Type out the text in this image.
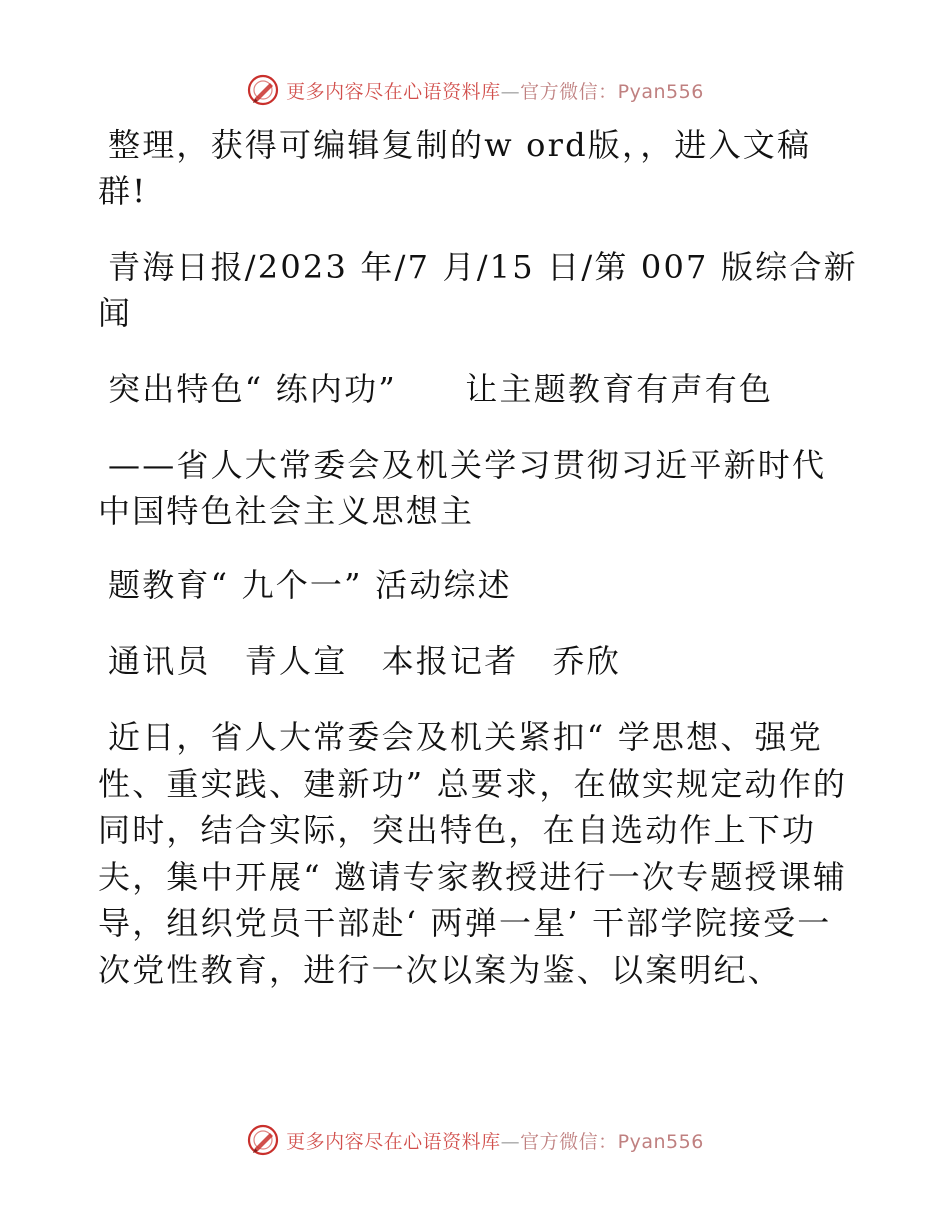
更多内容尽在心语资料库—官方微信：Pyan556

整理，获得可编辑复制的w ord版，，进入文稿群!

青海日报/2023 年/7 月/15 日/第 007 版综合新闻

突出特色“ 练内功”　　让主题教育有声有色

——省人大常委会及机关学习贯彻习近平新时代中国特色社会主义思想主

题教育“ 九个一” 活动综述

通讯员　青人宣　本报记者　乔欣

近日，省人大常委会及机关紧扣“ 学思想、强党性、重实践、建新功” 总要求，在做实规定动作的同时，结合实际，突出特色，在自选动作上下功夫，集中开展“ 邀请专家教授进行一次专题授课辅导，组织党员干部赴‘ 两弹一星’ 干部学院接受一次党性教育，进行一次以案为鉴、以案明纪、

更多内容尽在心语资料库—官方微信：Pyan556
